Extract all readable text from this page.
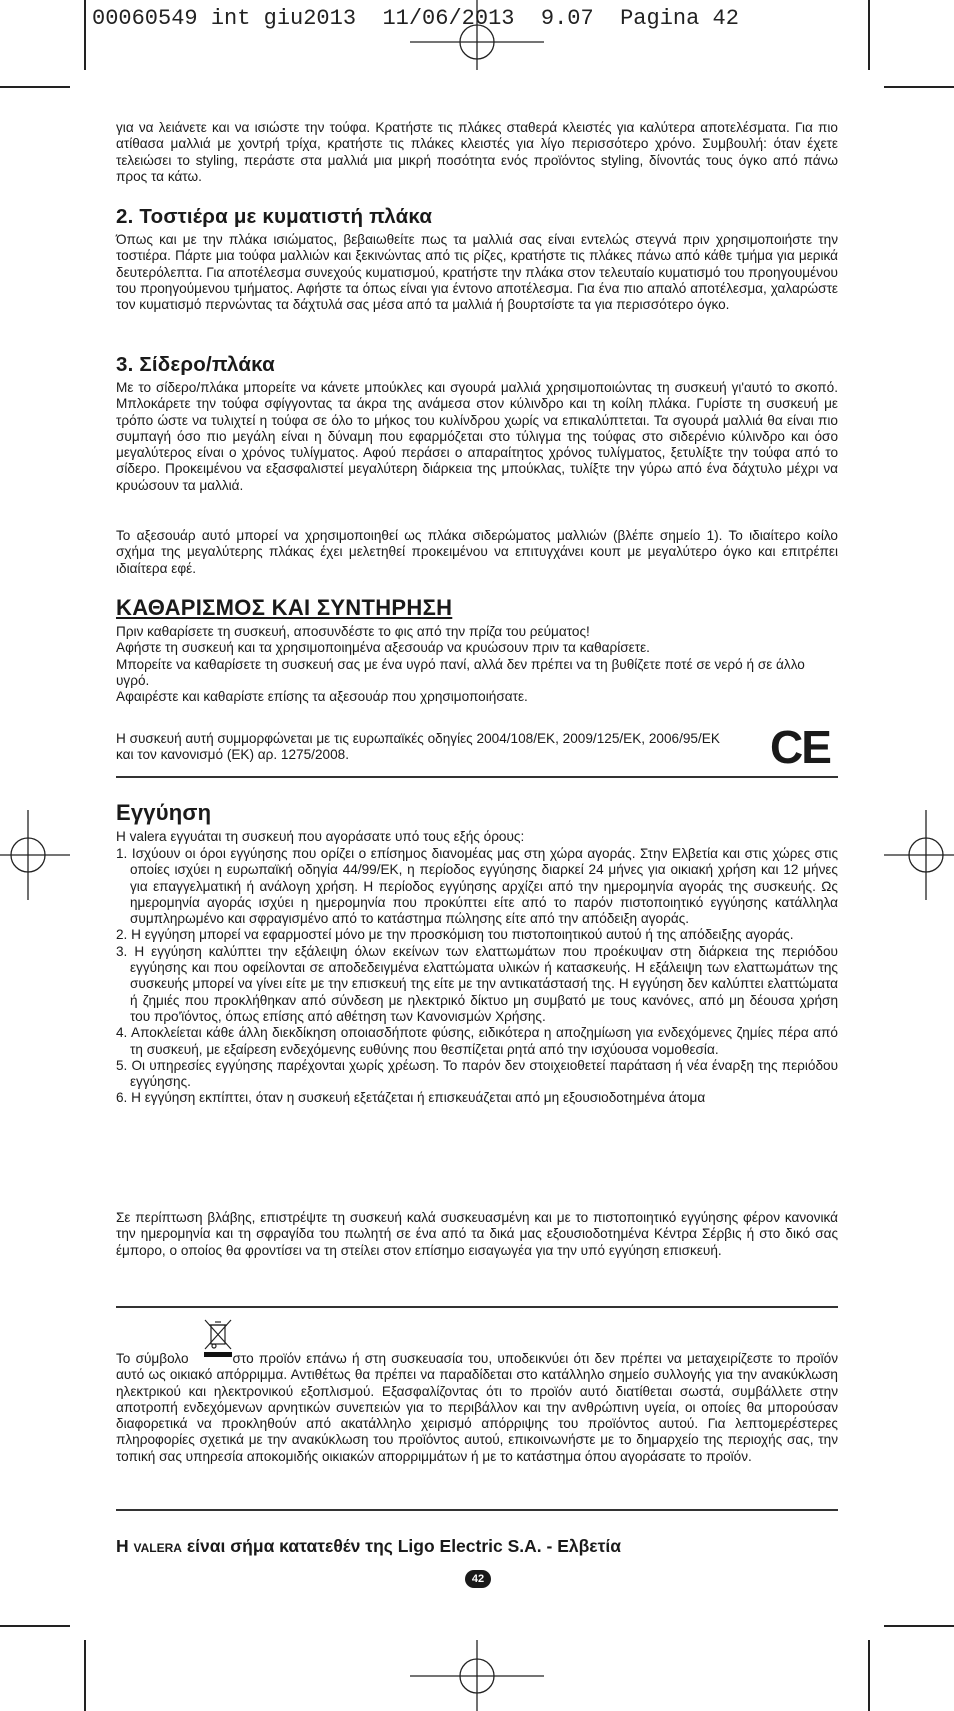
00060549 int giu2013  11/06/2013  9.07  Pagina 42

για να λειάνετε και να ισιώστε την τούφα. Κρατήστε τις πλάκες σταθερά κλειστές για καλύτερα αποτελέσματα. Για πιο ατίθασα μαλλιά με χοντρή τρίχα, κρατήστε τις πλάκες κλειστές για λίγο περισσότερο χρόνο. Συμβουλή: όταν έχετε τελειώσει το styling, περάστε στα μαλλιά μια μικρή ποσότητα ενός προϊόντος styling, δίνοντάς τους όγκο από πάνω προς τα κάτω.

2. Τοστιέρα με κυματιστή πλάκα

Όπως και με την πλάκα ισιώματος, βεβαιωθείτε πως τα μαλλιά σας είναι εντελώς στεγνά πριν χρησιμοποιήστε την τοστιέρα. Πάρτε μια τούφα μαλλιών και ξεκινώντας από τις ρίζες, κρατήστε τις πλάκες πάνω από κάθε τμήμα για μερικά δευτερόλεπτα. Για αποτέλεσμα συνεχούς κυματισμού, κρατήστε την πλάκα στον τελευταίο κυματισμό του προηγουμένου του προηγούμενου τμήματος. Αφήστε τα όπως είναι για έντονο αποτέλεσμα. Για ένα πιο απαλό αποτέλεσμα, χαλαρώστε τον κυματισμό περνώντας τα δάχτυλά σας μέσα από τα μαλλιά ή βουρτσίστε τα για περισσότερο όγκο.

3. Σίδερο/πλάκα

Με το σίδερο/πλάκα μπορείτε να κάνετε μπούκλες και σγουρά μαλλιά χρησιμοποιώντας τη συσκευή γι'αυτό το σκοπό. Μπλοκάρετε την τούφα σφίγγοντας τα άκρα της ανάμεσα στον κύλινδρο και τη κοίλη πλάκα. Γυρίστε τη συσκευή με τρόπο ώστε να τυλιχτεί η τούφα σε όλο το μήκος του κυλίνδρου χωρίς να επικαλύπτεται. Τα σγουρά μαλλιά θα είναι πιο συμπαγή όσο πιο μεγάλη είναι η δύναμη που εφαρμόζεται στο τύλιγμα της τούφας στο σιδερένιο κύλινδρο και όσο μεγαλύτερος είναι ο χρόνος τυλίγματος. Αφού περάσει ο απαραίτητος χρόνος τυλίγματος, ξετυλίξτε την τούφα από το σίδερο. Προκειμένου να εξασφαλιστεί μεγαλύτερη διάρκεια της μπούκλας, τυλίξτε την γύρω από ένα δάχτυλο μέχρι να κρυώσουν τα μαλλιά.

Το αξεσουάρ αυτό μπορεί να χρησιμοποιηθεί ως πλάκα σιδερώματος μαλλιών (βλέπε σημείο 1). Το ιδιαίτερο κοίλο σχήμα της μεγαλύτερης πλάκας έχει μελετηθεί προκειμένου να επιτυγχάνει κουπ με μεγαλύτερο όγκο και επιτρέπει ιδιαίτερα εφέ.

ΚΑΘΑΡΙΣΜΟΣ ΚΑΙ ΣΥΝΤΗΡΗΣΗ

Πριν καθαρίσετε τη συσκευή, αποσυνδέστε το φις από την πρίζα του ρεύματος!

Αφήστε τη συσκευή και τα χρησιμοποιημένα αξεσουάρ να κρυώσουν πριν τα καθαρίσετε.

Μπορείτε να καθαρίσετε τη συσκευή σας με ένα υγρό πανί, αλλά δεν πρέπει να τη βυθίζετε ποτέ σε νερό ή σε άλλο υγρό.

Αφαιρέστε και καθαρίστε επίσης τα αξεσουάρ που χρησιμοποιήσατε.

Η συσκευή αυτή συμμορφώνεται με τις ευρωπαϊκές οδηγίες 2004/108/ΕΚ, 2009/125/ΕΚ, 2006/95/ΕΚ και τον κανονισμό (ΕΚ) αρ. 1275/2008.	CE
Εγγύηση

Η valera εγγυάται τη συσκευή που αγοράσατε υπό τους εξής όρους:

1. Ισχύουν οι όροι εγγύησης που ορίζει ο επίσημος διανομέας μας στη χώρα αγοράς. Στην Ελβετία και στις χώρες στις οποίες ισχύει η ευρωπαϊκή οδηγία 44/99/ΕΚ, η περίοδος εγγύησης διαρκεί 24 μήνες για οικιακή χρήση και 12 μήνες για επαγγελματική ή ανάλογη χρήση. Η περίοδος εγγύησης αρχίζει από την ημερομηνία αγοράς της συσκευής. Ως ημερομηνία αγοράς ισχύει η ημερομηνία που προκύπτει είτε από το παρόν πιστοποιητικό εγγύησης κατάλληλα συμπληρωμένο και σφραγισμένο από το κατάστημα πώλησης είτε από την απόδειξη αγοράς.
2. Η εγγύηση μπορεί να εφαρμοστεί μόνο με την προσκόμιση του πιστοποιητικού αυτού ή της απόδειξης αγοράς.
3. Η εγγύηση καλύπτει την εξάλειψη όλων εκείνων των ελαττωμάτων που προέκυψαν στη διάρκεια της περιόδου εγγύησης και που οφείλονται σε αποδεδειγμένα ελαττώματα υλικών ή κατασκευής. Η εξάλειψη των ελαττωμάτων της συσκευής μπορεί να γίνει είτε με την επισκευή της είτε με την αντικατάστασή της. Η εγγύηση δεν καλύπτει ελαττώματα ή ζημιές που προκλήθηκαν από σύνδεση με ηλεκτρικό δίκτυο μη συμβατό με τους κανόνες, από μη δέουσα χρήση του προ'ϊόντος, όπως επίσης από αθέτηση των Κανονισμών Χρήσης.
4. Αποκλείεται κάθε άλλη διεκδίκηση οποιασδήποτε φύσης, ειδικότερα η αποζημίωση για ενδεχόμενες ζημίες πέρα από τη συσκευή, με εξαίρεση ενδεχόμενης ευθύνης που θεσπίζεται ρητά από την ισχύουσα νομοθεσία.
5. Οι υπηρεσίες εγγύησης παρέχονται χωρίς χρέωση. Το παρόν δεν στοιχειοθετεί παράταση ή νέα έναρξη της περιόδου εγγύησης.
6. Η εγγύηση εκπίπτει, όταν η συσκευή εξετάζεται ή επισκευάζεται από μη εξουσιοδοτημένα άτομα

Σε περίπτωση βλάβης, επιστρέψτε τη συσκευή καλά συσκευασμένη και με το πιστοποιητικό εγγύησης φέρον κανονικά την ημερομηνία και τη σφραγίδα του πωλητή σε ένα από τα δικά μας εξουσιοδοτημένα Κέντρα Σέρβις ή στο δικό σας έμπορο, ο οποίος θα φροντίσει να τη στείλει στον επίσημο εισαγωγέα για την υπό εγγύηση επισκευή.

Το σύμβολο	στο προϊόν επάνω ή στη συσκευασία του, υποδεικνύει ότι δεν πρέπει να μεταχειρίζεστε το προϊόν αυτό ως οικιακό απόρριμμα. Αντιθέτως θα πρέπει να παραδίδεται στο κατάλληλο σημείο συλλογής για την ανακύκλωση ηλεκτρικού και ηλεκτρονικού εξοπλισμού. Εξασφαλίζοντας ότι το προϊόν αυτό διατίθεται σωστά, συμβάλλετε στην αποτροπή ενδεχόμενων αρνητικών συνεπειών για το περιβάλλον και την ανθρώπινη υγεία, οι οποίες θα μπορούσαν διαφορετικά να προκληθούν από ακατάλληλο χειρισμό απόρριψης του προϊόντος αυτού. Για λεπτομερέστερες πληροφορίες σχετικά με την ανακύκλωση του προϊόντος αυτού, επικοινωνήστε με το δημαρχείο της περιοχής σας, την τοπική σας υπηρεσία αποκομιδής οικιακών απορριμμάτων ή με το κατάστημα όπου αγοράσατε το προϊόν.

Η VALERA είναι σήμα κατατεθέν της Ligo Electric S.A. - Ελβετία
42
